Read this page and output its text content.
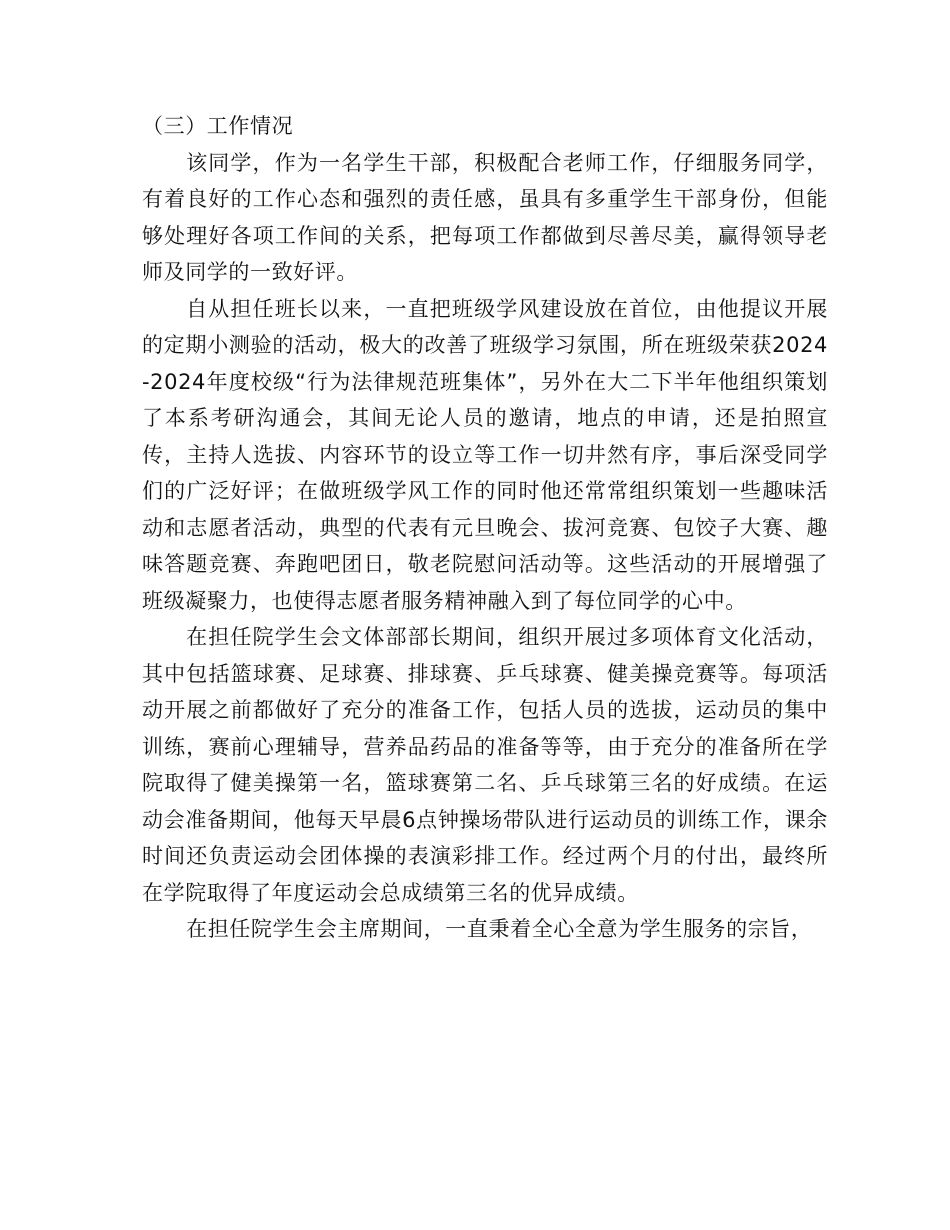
（三）工作情况

该同学，作为一名学生干部，积极配合老师工作，仔细服务同学，有着良好的工作心态和强烈的责任感，虽具有多重学生干部身份，但能够处理好各项工作间的关系，把每项工作都做到尽善尽美，赢得领导老师及同学的一致好评。

自从担任班长以来，一直把班级学风建设放在首位，由他提议开展的定期小测验的活动，极大的改善了班级学习氛围，所在班级荣获2024-2024年度校级“行为法律规范班集体”，另外在大二下半年他组织策划了本系考研沟通会，其间无论人员的邀请，地点的申请，还是拍照宣传，主持人选拔、内容环节的设立等工作一切井然有序，事后深受同学们的广泛好评；在做班级学风工作的同时他还常常组织策划一些趣味活动和志愿者活动，典型的代表有元旦晚会、拔河竞赛、包饺子大赛、趣味答题竞赛、奔跑吧团日，敬老院慰问活动等。这些活动的开展增强了班级凝聚力，也使得志愿者服务精神融入到了每位同学的心中。

在担任院学生会文体部部长期间，组织开展过多项体育文化活动，其中包括篮球赛、足球赛、排球赛、乒乓球赛、健美操竞赛等。每项活动开展之前都做好了充分的准备工作，包括人员的选拔，运动员的集中训练，赛前心理辅导，营养品药品的准备等等，由于充分的准备所在学院取得了健美操第一名，篮球赛第二名、乒乓球第三名的好成绩。在运动会准备期间，他每天早晨6点钟操场带队进行运动员的训练工作，课余时间还负责运动会团体操的表演彩排工作。经过两个月的付出，最终所在学院取得了年度运动会总成绩第三名的优异成绩。

在担任院学生会主席期间，一直秉着全心全意为学生服务的宗旨，
